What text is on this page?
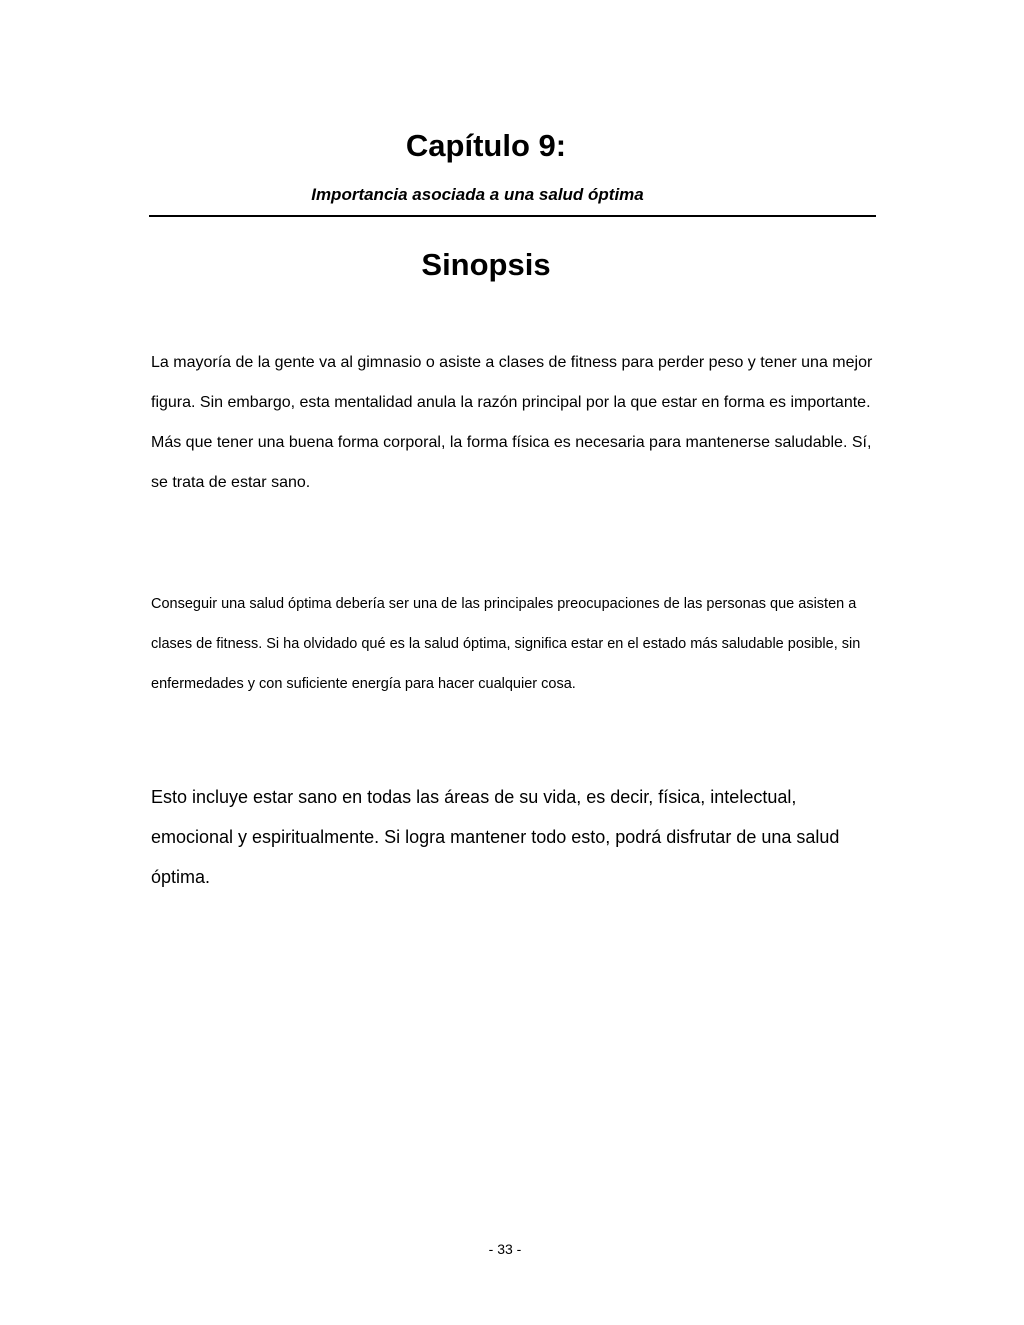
Capítulo 9:

Importancia asociada a una salud óptima

Sinopsis

La mayoría de la gente va al gimnasio o asiste a clases de fitness para perder peso y tener una mejor figura. Sin embargo, esta mentalidad anula la razón principal por la que estar en forma es importante. Más que tener una buena forma corporal, la forma física es necesaria para mantenerse saludable. Sí, se trata de estar sano.

Conseguir una salud óptima debería ser una de las principales preocupaciones de las personas que asisten a clases de fitness. Si ha olvidado qué es la salud óptima, significa estar en el estado más saludable posible, sin enfermedades y con suficiente energía para hacer cualquier cosa.

Esto incluye estar sano en todas las áreas de su vida, es decir, física, intelectual, emocional y espiritualmente. Si logra mantener todo esto, podrá disfrutar de una salud óptima.

- 33 -
